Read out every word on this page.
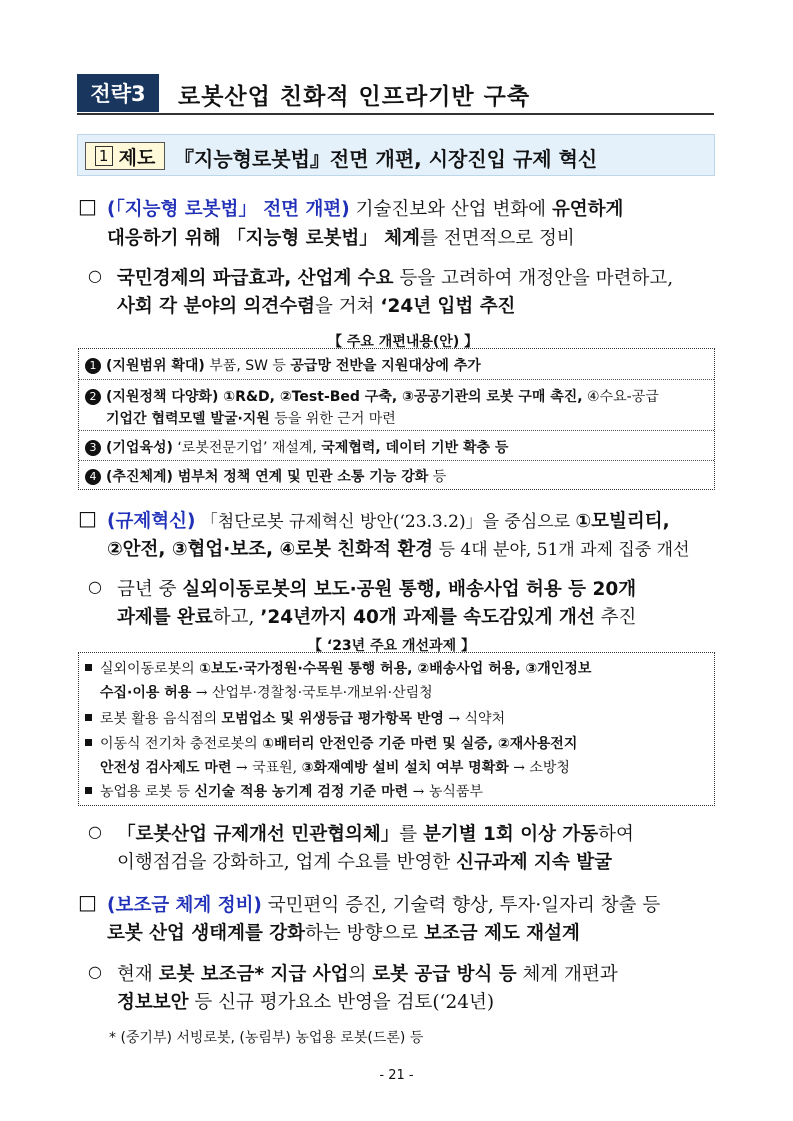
전략3	로봇산업 친화적 인프라기반 구축
1 제도 『지능형로봇법』전면 개편, 시장진입 규제 혁신
□ (「지능형 로봇법」 전면 개편) 기술진보와 산업 변화에 유연하게
대응하기 위해 「지능형 로봇법」 체계를 전면적으로 정비
○ 국민경제의 파급효과, 산업계 수요 등을 고려하여 개정안을 마련하고,
사회 각 분야의 의견수렴을 거쳐 ‘24년 입법 추진
【 주요 개편내용(안) 】
1 (지원범위 확대) 부품, SW 등 공급망 전반을 지원대상에 추가
2 (지원정책 다양화) ①R&D, ②Test-Bed 구축, ③공공기관의 로봇 구매 촉진, ④수요-공급
기업간 협력모델 발굴·지원 등을 위한 근거 마련
3 (기업육성) ‘로봇전문기업’ 재설계, 국제협력, 데이터 기반 확충 등
4 (추진체계) 범부처 정책 연계 및 민관 소통 기능 강화 등
□ (규제혁신) 「첨단로봇 규제혁신 방안(‘23.3.2)」을 중심으로 ①모빌리티,
②안전, ③협업·보조, ④로봇 친화적 환경 등 4대 분야, 51개 과제 집중 개선
○ 금년 중 실외이동로봇의 보도·공원 통행, 배송사업 허용 등 20개
과제를 완료하고, ’24년까지 40개 과제를 속도감있게 개선 추진
【 ‘23년 주요 개선과제 】
실외이동로봇의 ①보도·국가정원·수목원 통행 허용, ②배송사업 허용, ③개인정보
수집·이용 허용 → 산업부·경찰청·국토부·개보위·산림청
로봇 활용 음식점의 모범업소 및 위생등급 평가항목 반영 → 식약처
이동식 전기차 충전로봇의 ①배터리 안전인증 기준 마련 및 실증, ②재사용전지
안전성 검사제도 마련 → 국표원, ③화재예방 설비 설치 여부 명확화 → 소방청
농업용 로봇 등 신기술 적용 농기계 검정 기준 마련 → 농식품부
○ 「로봇산업 규제개선 민관협의체」를 분기별 1회 이상 가동하여
이행점검을 강화하고, 업계 수요를 반영한 신규과제 지속 발굴
□ (보조금 체계 정비) 국민편익 증진, 기술력 향상, 투자·일자리 창출 등
로봇 산업 생태계를 강화하는 방향으로 보조금 제도 재설계
○ 현재 로봇 보조금* 지급 사업의 로봇 공급 방식 등 체계 개편과
정보보안 등 신규 평가요소 반영을 검토(‘24년)
* (중기부) 서빙로봇, (농림부) 농업용 로봇(드론) 등
- 21 -
